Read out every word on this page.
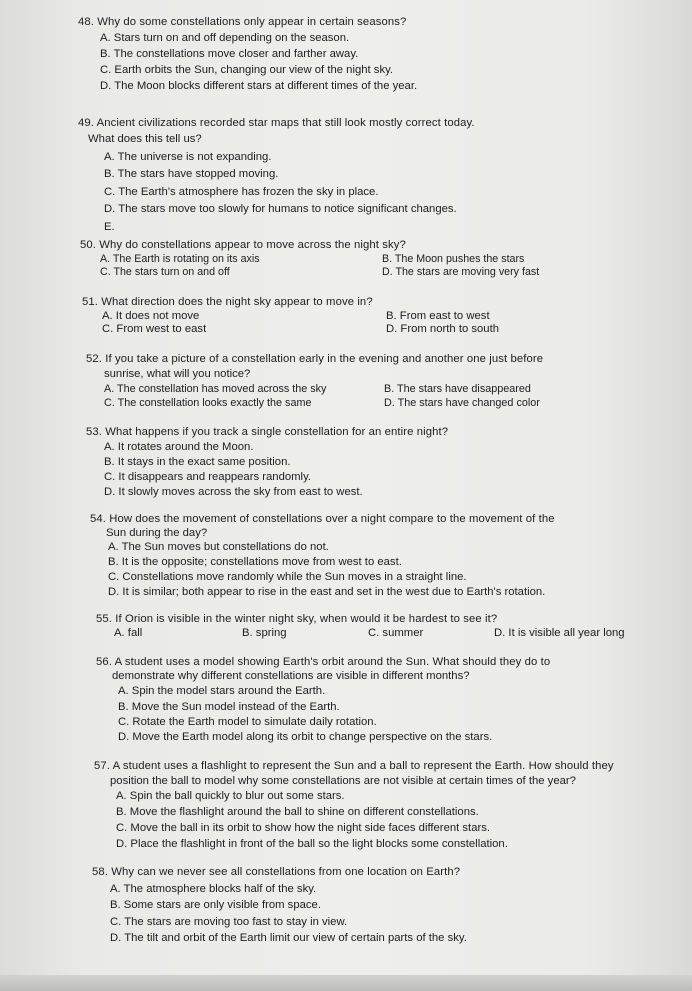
48. Why do some constellations only appear in certain seasons?
A. Stars turn on and off depending on the season.
B. The constellations move closer and farther away.
C. Earth orbits the Sun, changing our view of the night sky.
D. The Moon blocks different stars at different times of the year.
49. Ancient civilizations recorded star maps that still look mostly correct today.
What does this tell us?
A. The universe is not expanding.
B. The stars have stopped moving.
C. The Earth's atmosphere has frozen the sky in place.
D. The stars move too slowly for humans to notice significant changes.
E.
50. Why do constellations appear to move across the night sky?
A. The Earth is rotating on its axis	B. The Moon pushes the stars
C. The stars turn on and off	D. The stars are moving very fast
51. What direction does the night sky appear to move in?
A. It does not move	B. From east to west
C. From west to east	D. From north to south
52. If you take a picture of a constellation early in the evening and another one just before
sunrise, what will you notice?
A. The constellation has moved across the sky	B. The stars have disappeared
C. The constellation looks exactly the same	D. The stars have changed color
53. What happens if you track a single constellation for an entire night?
A. It rotates around the Moon.
B. It stays in the exact same position.
C. It disappears and reappears randomly.
D. It slowly moves across the sky from east to west.
54. How does the movement of constellations over a night compare to the movement of the
Sun during the day?
A. The Sun moves but constellations do not.
B. It is the opposite; constellations move from west to east.
C. Constellations move randomly while the Sun moves in a straight line.
D. It is similar; both appear to rise in the east and set in the west due to Earth's rotation.
55. If Orion is visible in the winter night sky, when would it be hardest to see it?
A. fall	B. spring	C. summer	D. It is visible all year long
56. A student uses a model showing Earth's orbit around the Sun. What should they do to
demonstrate why different constellations are visible in different months?
A. Spin the model stars around the Earth.
B. Move the Sun model instead of the Earth.
C. Rotate the Earth model to simulate daily rotation.
D. Move the Earth model along its orbit to change perspective on the stars.
57. A student uses a flashlight to represent the Sun and a ball to represent the Earth. How should they
position the ball to model why some constellations are not visible at certain times of the year?
A. Spin the ball quickly to blur out some stars.
B. Move the flashlight around the ball to shine on different constellations.
C. Move the ball in its orbit to show how the night side faces different stars.
D. Place the flashlight in front of the ball so the light blocks some constellation.
58. Why can we never see all constellations from one location on Earth?
A. The atmosphere blocks half of the sky.
B. Some stars are only visible from space.
C. The stars are moving too fast to stay in view.
D. The tilt and orbit of the Earth limit our view of certain parts of the sky.
